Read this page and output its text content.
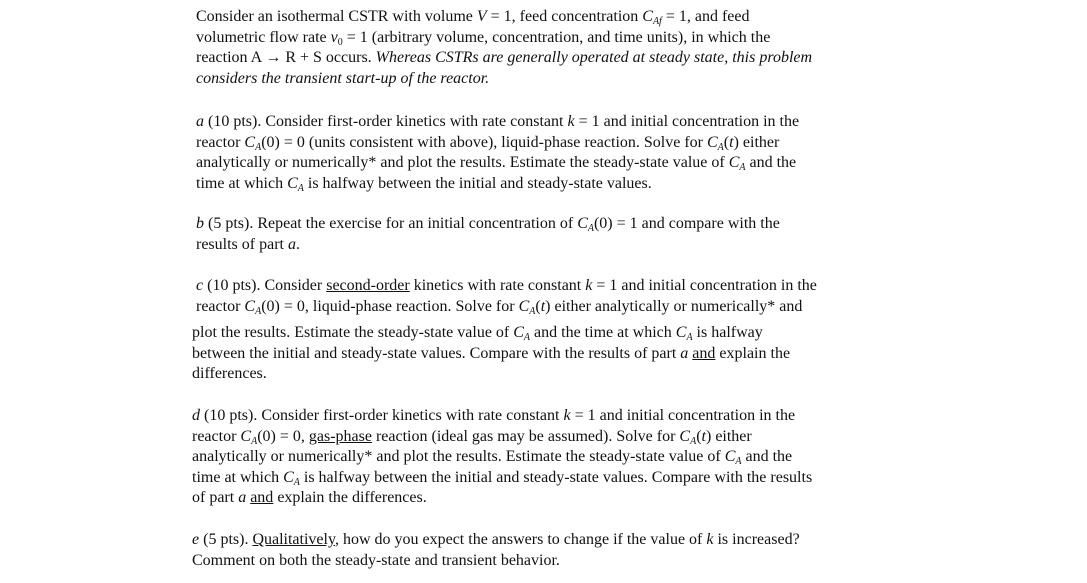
Consider an isothermal CSTR with volume V = 1, feed concentration $C_{Af} = 1$, and feed
volumetric flow rate $v_0 = 1$ (arbitrary volume, concentration, and time units), in which the
reaction A → R + S occurs. Whereas CSTRs are generally operated at steady state, this problem
considers the transient start-up of the reactor.

a (10 pts). Consider first-order kinetics with rate constant k = 1 and initial concentration in the
reactor $C_A(0) = 0$ (units consistent with above), liquid-phase reaction. Solve for $C_A(t)$ either
analytically or numerically* and plot the results. Estimate the steady-state value of $C_A$ and the
time at which $C_A$ is halfway between the initial and steady-state values.

b (5 pts). Repeat the exercise for an initial concentration of $C_A(0) = 1$ and compare with the
results of part a.

c (10 pts). Consider second-order kinetics with rate constant k = 1 and initial concentration in the
reactor $C_A(0) = 0$, liquid-phase reaction. Solve for $C_A(t)$ either analytically or numerically* and

plot the results. Estimate the steady-state value of $C_A$ and the time at which $C_A$ is halfway
between the initial and steady-state values. Compare with the results of part a and explain the
differences.

d (10 pts). Consider first-order kinetics with rate constant k = 1 and initial concentration in the
reactor $C_A(0) = 0$, gas-phase reaction (ideal gas may be assumed). Solve for $C_A(t)$ either
analytically or numerically* and plot the results. Estimate the steady-state value of $C_A$ and the
time at which $C_A$ is halfway between the initial and steady-state values. Compare with the results
of part a and explain the differences.

e (5 pts). Qualitatively, how do you expect the answers to change if the value of k is increased?
Comment on both the steady-state and transient behavior.
